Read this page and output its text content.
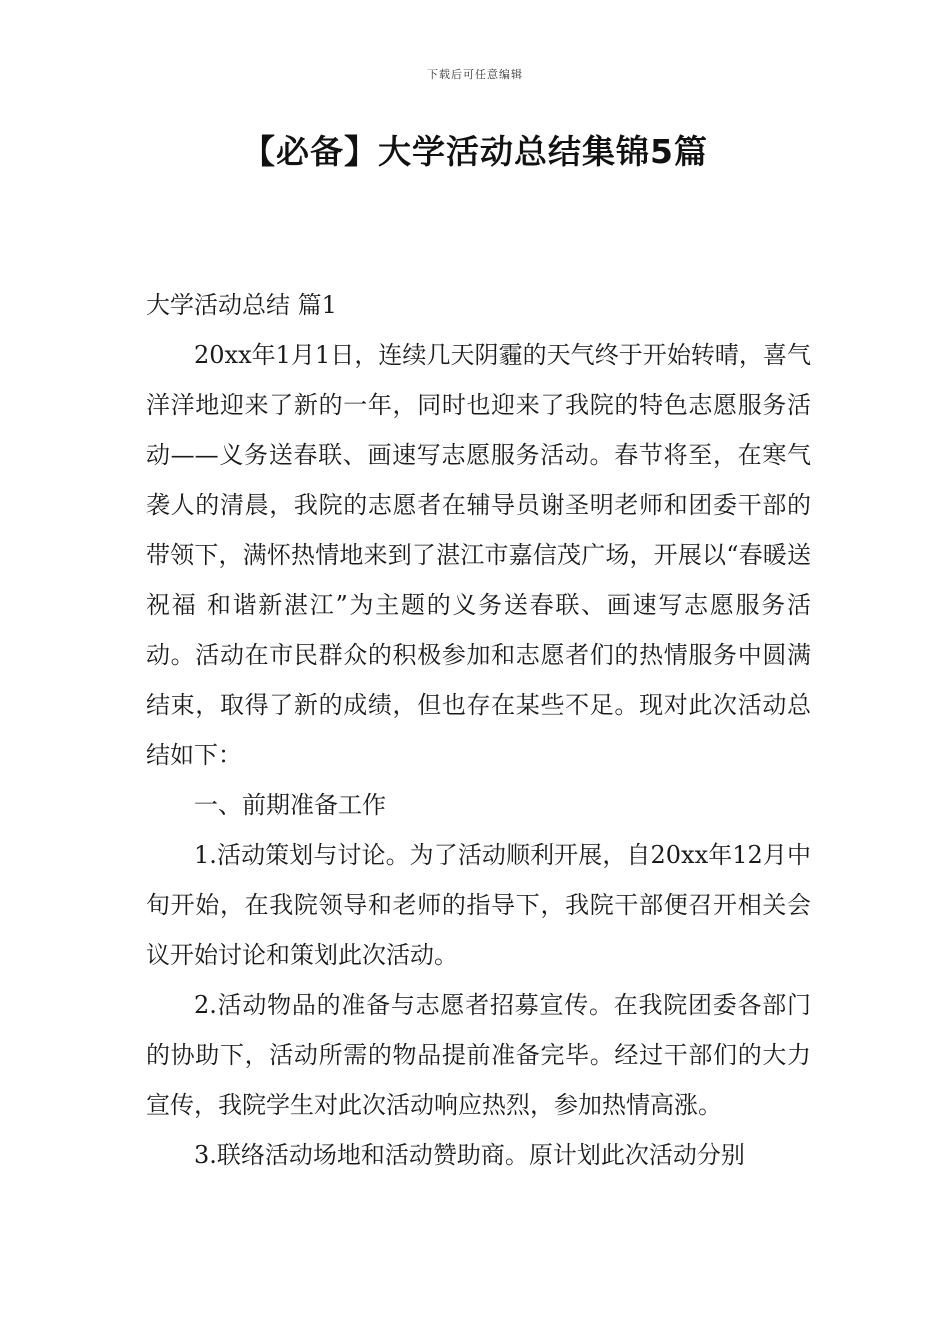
下载后可任意编辑
【必备】大学活动总结集锦5篇

大学活动总结 篇1

20xx年1月1日，连续几天阴霾的天气终于开始转晴，喜气洋洋地迎来了新的一年，同时也迎来了我院的特色志愿服务活动——义务送春联、画速写志愿服务活动。春节将至，在寒气袭人的清晨，我院的志愿者在辅导员谢圣明老师和团委干部的带领下，满怀热情地来到了湛江市嘉信茂广场，开展以“春暖送祝福 和谐新湛江”为主题的义务送春联、画速写志愿服务活动。活动在市民群众的积极参加和志愿者们的热情服务中圆满结束，取得了新的成绩，但也存在某些不足。现对此次活动总结如下：

一、前期准备工作

1.活动策划与讨论。为了活动顺利开展，自20xx年12月中旬开始，在我院领导和老师的指导下，我院干部便召开相关会议开始讨论和策划此次活动。

2.活动物品的准备与志愿者招募宣传。在我院团委各部门的协助下，活动所需的物品提前准备完毕。经过干部们的大力宣传，我院学生对此次活动响应热烈，参加热情高涨。

3.联络活动场地和活动赞助商。原计划此次活动分别
